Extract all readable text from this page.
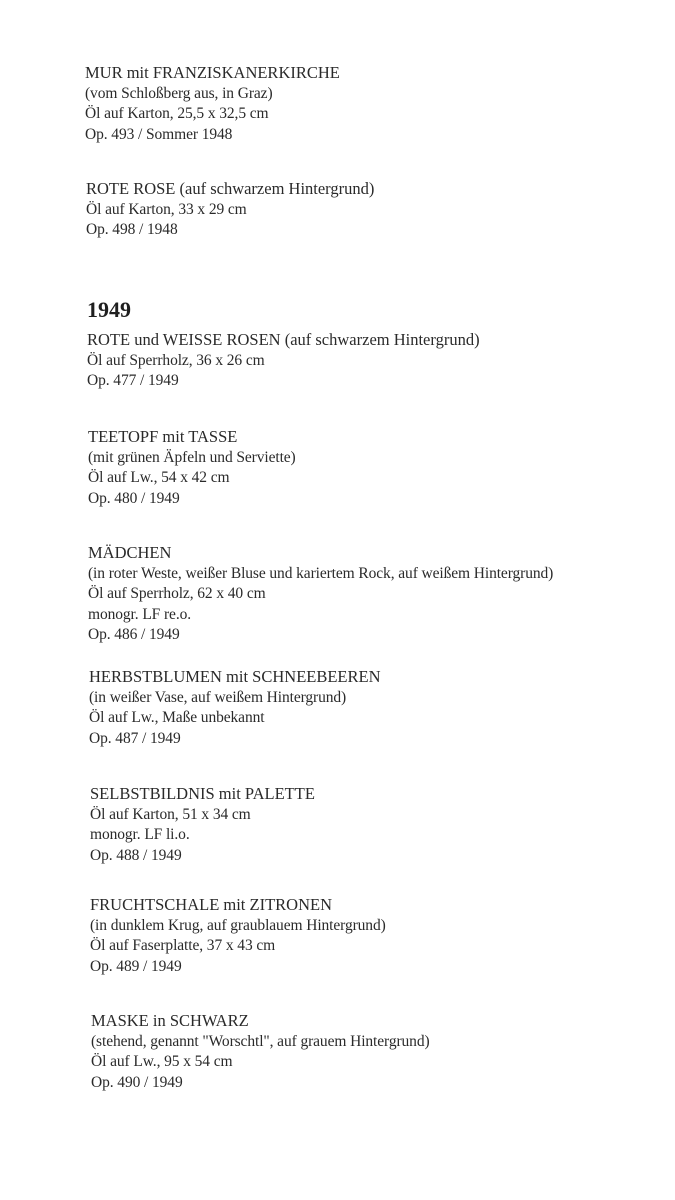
MUR mit FRANZISKANERKIRCHE
(vom Schloßberg aus, in Graz)
Öl auf Karton, 25,5 x 32,5 cm
Op. 493 / Sommer 1948
ROTE ROSE (auf schwarzem Hintergrund)
Öl auf Karton, 33 x 29 cm
Op. 498 / 1948
1949
ROTE und WEISSE ROSEN (auf schwarzem Hintergrund)
Öl auf Sperrholz, 36 x 26 cm
Op. 477 / 1949
TEETOPF mit TASSE
(mit grünen Äpfeln und Serviette)
Öl auf Lw., 54 x 42 cm
Op. 480 / 1949
MÄDCHEN
(in roter Weste, weißer Bluse und kariertem Rock, auf weißem Hintergrund)
Öl auf Sperrholz, 62 x 40 cm
monogr. LF re.o.
Op. 486 / 1949
HERBSTBLUMEN mit SCHNEEBEEREN
(in weißer Vase, auf weißem Hintergrund)
Öl auf Lw., Maße unbekannt
Op. 487 / 1949
SELBSTBILDNIS mit PALETTE
Öl auf Karton, 51 x 34 cm
monogr. LF li.o.
Op. 488 / 1949
FRUCHTSCHALE mit ZITRONEN
(in dunklem Krug, auf graublauem Hintergrund)
Öl auf Faserplatte, 37 x 43 cm
Op. 489 / 1949
MASKE in SCHWARZ
(stehend, genannt "Worschtl", auf grauem Hintergrund)
Öl auf Lw., 95 x 54 cm
Op. 490 / 1949
